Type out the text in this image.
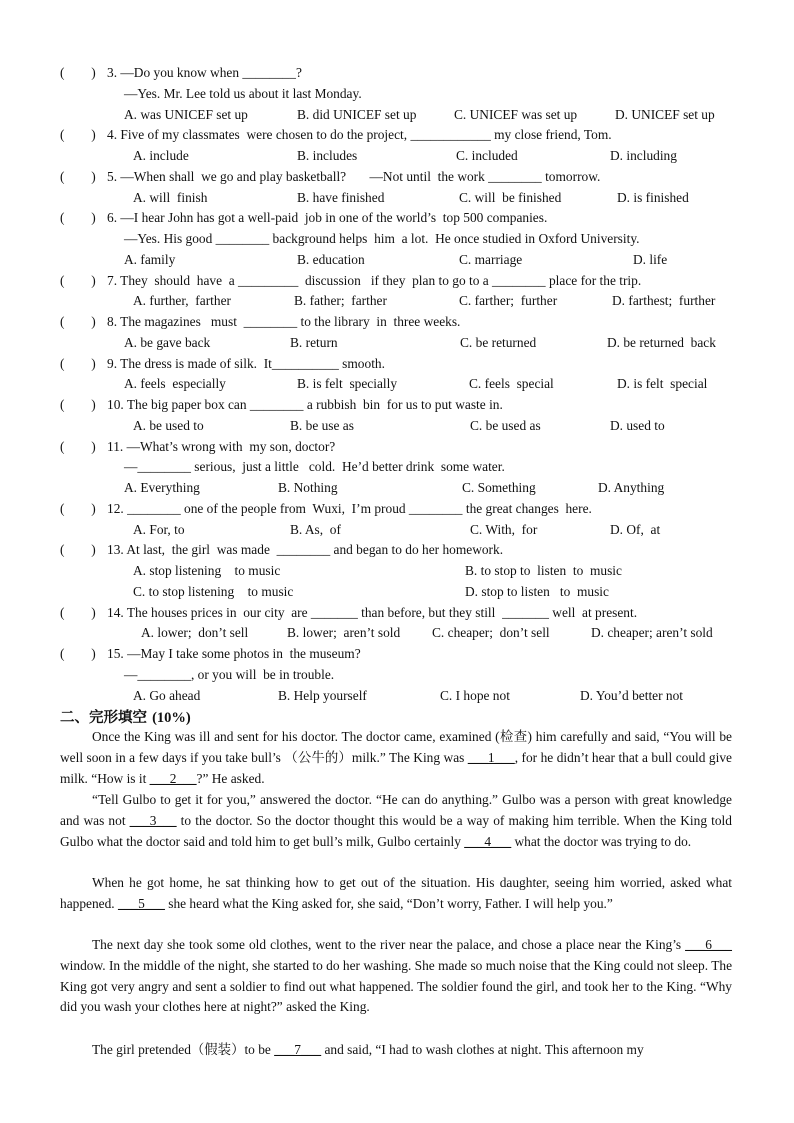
(        ) 3. —Do you know when ________?
—Yes. Mr. Lee told us about it last Monday.
A. was UNICEF set up	B. did UNICEF set up	C. UNICEF was set up	D. UNICEF set up
(        ) 4. Five of my classmates  were chosen to do the project, ____________ my close friend, Tom.
A. include	B. includes	C. included	D. including
(        ) 5. —When shall  we go and play basketball?       —Not until  the work ________ tomorrow.
A. will  finish	B. have finished	C. will  be finished	D. is finished
(        ) 6. —I hear John has got a well-paid  job in one of the world’s  top 500 companies.
—Yes. His good ________ background helps  him  a lot.  He once studied in Oxford University.
A. family	B. education	C. marriage	D. life
(        ) 7. They  should  have  a _________  discussion   if they  plan to go to a ________ place for the trip.
A. further,  farther	B. father;  farther	C. farther;  further	D. farthest;  further
(        ) 8. The magazines   must  ________ to the library  in  three weeks.
A. be gave back	B. return	C. be returned	D. be returned  back
(        ) 9. The dress is made of silk.  It__________ smooth.
A. feels  especially	B. is felt  specially	C. feels  special	D. is felt  special
(        ) 10. The big paper box can ________ a rubbish  bin  for us to put waste in.
A. be used to	B. be use as	C. be used as	D. used to
(        ) 11. —What’s wrong with  my son, doctor?
—________ serious,  just a little   cold.  He’d better drink  some water.
A. Everything	B. Nothing	C. Something	D. Anything
(        ) 12. ________ one of the people from  Wuxi,  I’m proud ________ the great changes  here.
A. For, to	B. As,  of	C. With,  for	D. Of,  at
(        ) 13. At last,  the girl  was made  ________ and began to do her homework.
A. stop listening    to music	B. to stop to  listen  to  music
C. to stop listening    to music	D. stop to listen   to  music
(        ) 14. The houses prices in  our city  are _______ than before, but they still  _______ well  at present.
A. lower;  don’t sell	B. lower;  aren’t sold C. cheaper;  don’t sell	D. cheaper; aren’t sold
(        ) 15. —May I take some photos in  the museum?
—________, or you will  be in trouble.
A. Go ahead	B. Help yourself	C. I hope not	D. You’d better not
二、完形填空 (10%)
Once the King was ill and sent for his doctor. The doctor came, examined (检查) him carefully and said, “You will be well soon in a few days if you take bull’s （公牛的）milk.” The King was ___1___, for he didn’t hear that a bull could give milk. “How is it ___2___?” He asked.
“Tell Gulbo to get it for you,” answered the doctor. “He can do anything.” Gulbo was a person with great knowledge and was not ___3___ to the doctor. So the doctor thought this would be a way of making him terrible. When the King told Gulbo what the doctor said and told him to get bull’s milk, Gulbo certainly ___4___ what the doctor was trying to do.
When he got home, he sat thinking how to get out of the situation. His daughter, seeing him worried, asked what happened. ___5___ she heard what the King asked for, she said, “Don’t worry, Father. I will help you.”
The next day she took some old clothes, went to the river near the palace, and chose a place near the King’s ___6___ window. In the middle of the night, she started to do her washing. She made so much noise that the King could not sleep. The King got very angry and sent a soldier to find out what happened. The soldier found the girl, and took her to the King. “Why did you wash your clothes here at night?” asked the King.
The girl pretended（假装）to be ___7___ and said, “I had to wash clothes at night. This afternoon my
